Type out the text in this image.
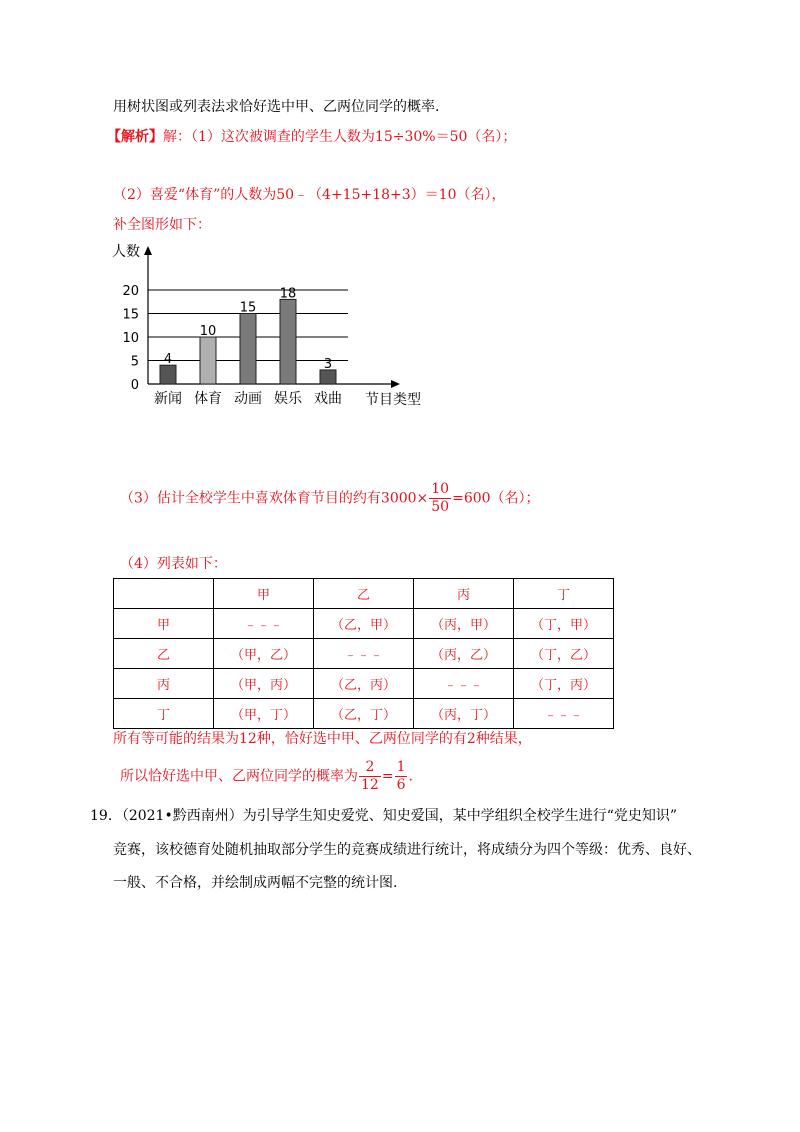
用树状图或列表法求恰好选中甲、乙两位同学的概率.
【解析】解：（1）这次被调查的学生人数为15÷30%＝50（名）；
（2）喜爱“体育”的人数为50﹣（4+15+18+3）＝10（名），
补全图形如下：
0
5
10
15
20
4
10
15
18
3
新闻 体育 动画 娱乐 戏曲
人数
节目类型
（3）估计全校学生中喜欢体育节目的约有$3000\times \frac{10}{50} =600$（名）；
（4）列表如下：
	甲	乙	丙	丁
甲	﹣﹣﹣	（乙，甲）	（丙，甲）	（丁，甲）
乙	（甲，乙）	﹣﹣﹣	（丙，乙）	（丁，乙）
丙	（甲，丙）	（乙，丙）	﹣﹣﹣	（丁，丙）
丁	（甲，丁）	（乙，丁）	（丙，丁）	﹣﹣﹣
所有等可能的结果为12种，恰好选中甲、乙两位同学的有2种结果，
所以恰好选中甲、乙两位同学的概率为 $\frac{2}{12} = \frac{1}{6}$ .
19．（2021•黔西南州）为引导学生知史爱党、知史爱国，某中学组织全校学生进行“党史知识”
竞赛，该校德育处随机抽取部分学生的竞赛成绩进行统计，将成绩分为四个等级：优秀、良好、
一般、不合格，并绘制成两幅不完整的统计图.
